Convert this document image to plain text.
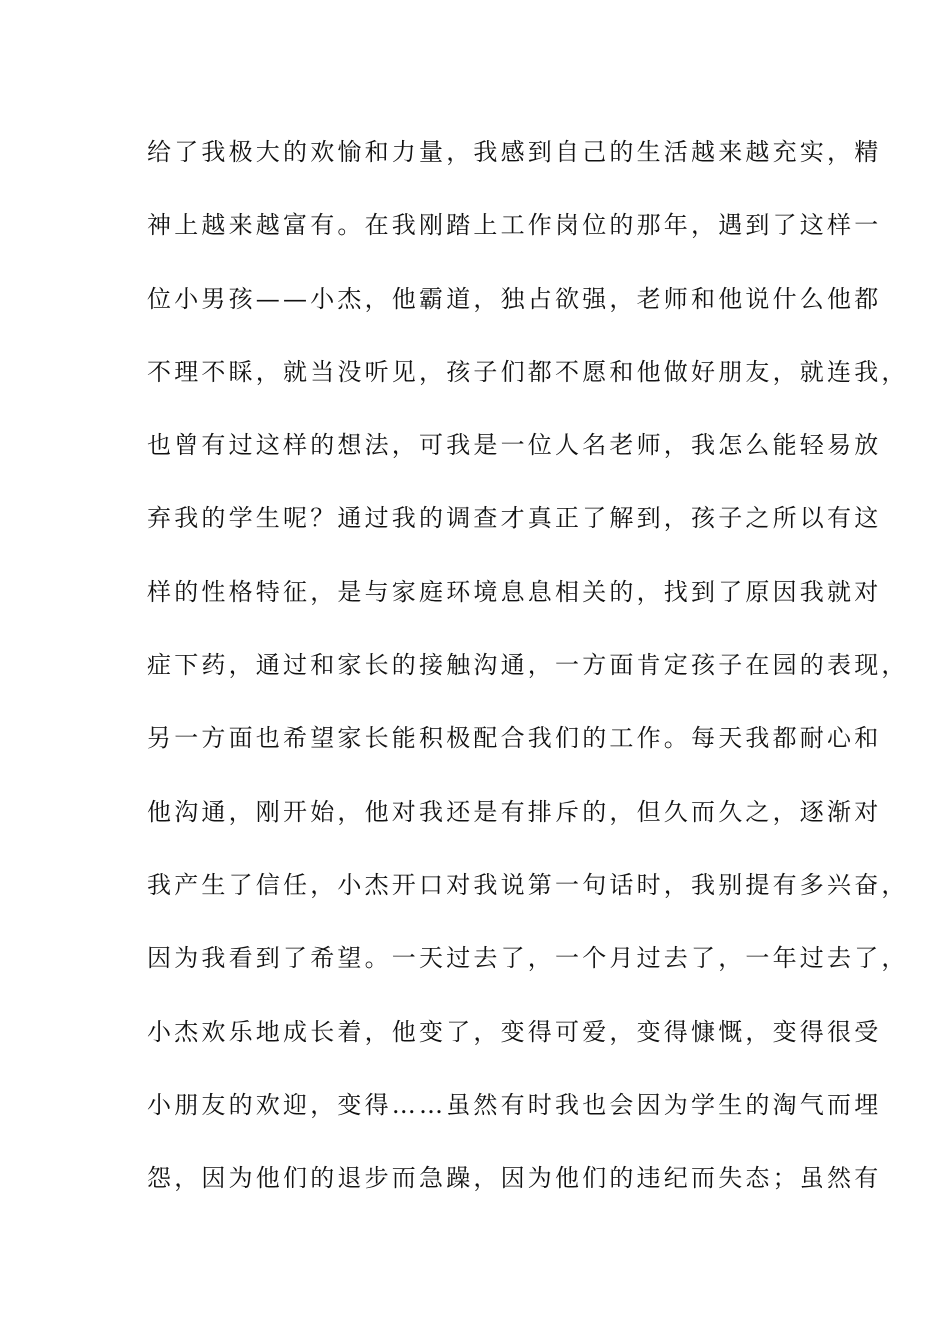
给了我极大的欢愉和力量，我感到自己的生活越来越充实，精
神上越来越富有。在我刚踏上工作岗位的那年，遇到了这样一
位小男孩——小杰，他霸道，独占欲强，老师和他说什么他都
不理不睬，就当没听见，孩子们都不愿和他做好朋友，就连我，
也曾有过这样的想法，可我是一位人名老师，我怎么能轻易放
弃我的学生呢？通过我的调查才真正了解到，孩子之所以有这
样的性格特征，是与家庭环境息息相关的，找到了原因我就对
症下药，通过和家长的接触沟通，一方面肯定孩子在园的表现，
另一方面也希望家长能积极配合我们的工作。每天我都耐心和
他沟通，刚开始，他对我还是有排斥的，但久而久之，逐渐对
我产生了信任，小杰开口对我说第一句话时，我别提有多兴奋，
因为我看到了希望。一天过去了，一个月过去了，一年过去了，
小杰欢乐地成长着，他变了，变得可爱，变得慷慨，变得很受
小朋友的欢迎，变得……虽然有时我也会因为学生的淘气而埋
怨，因为他们的退步而急躁，因为他们的违纪而失态；虽然有
